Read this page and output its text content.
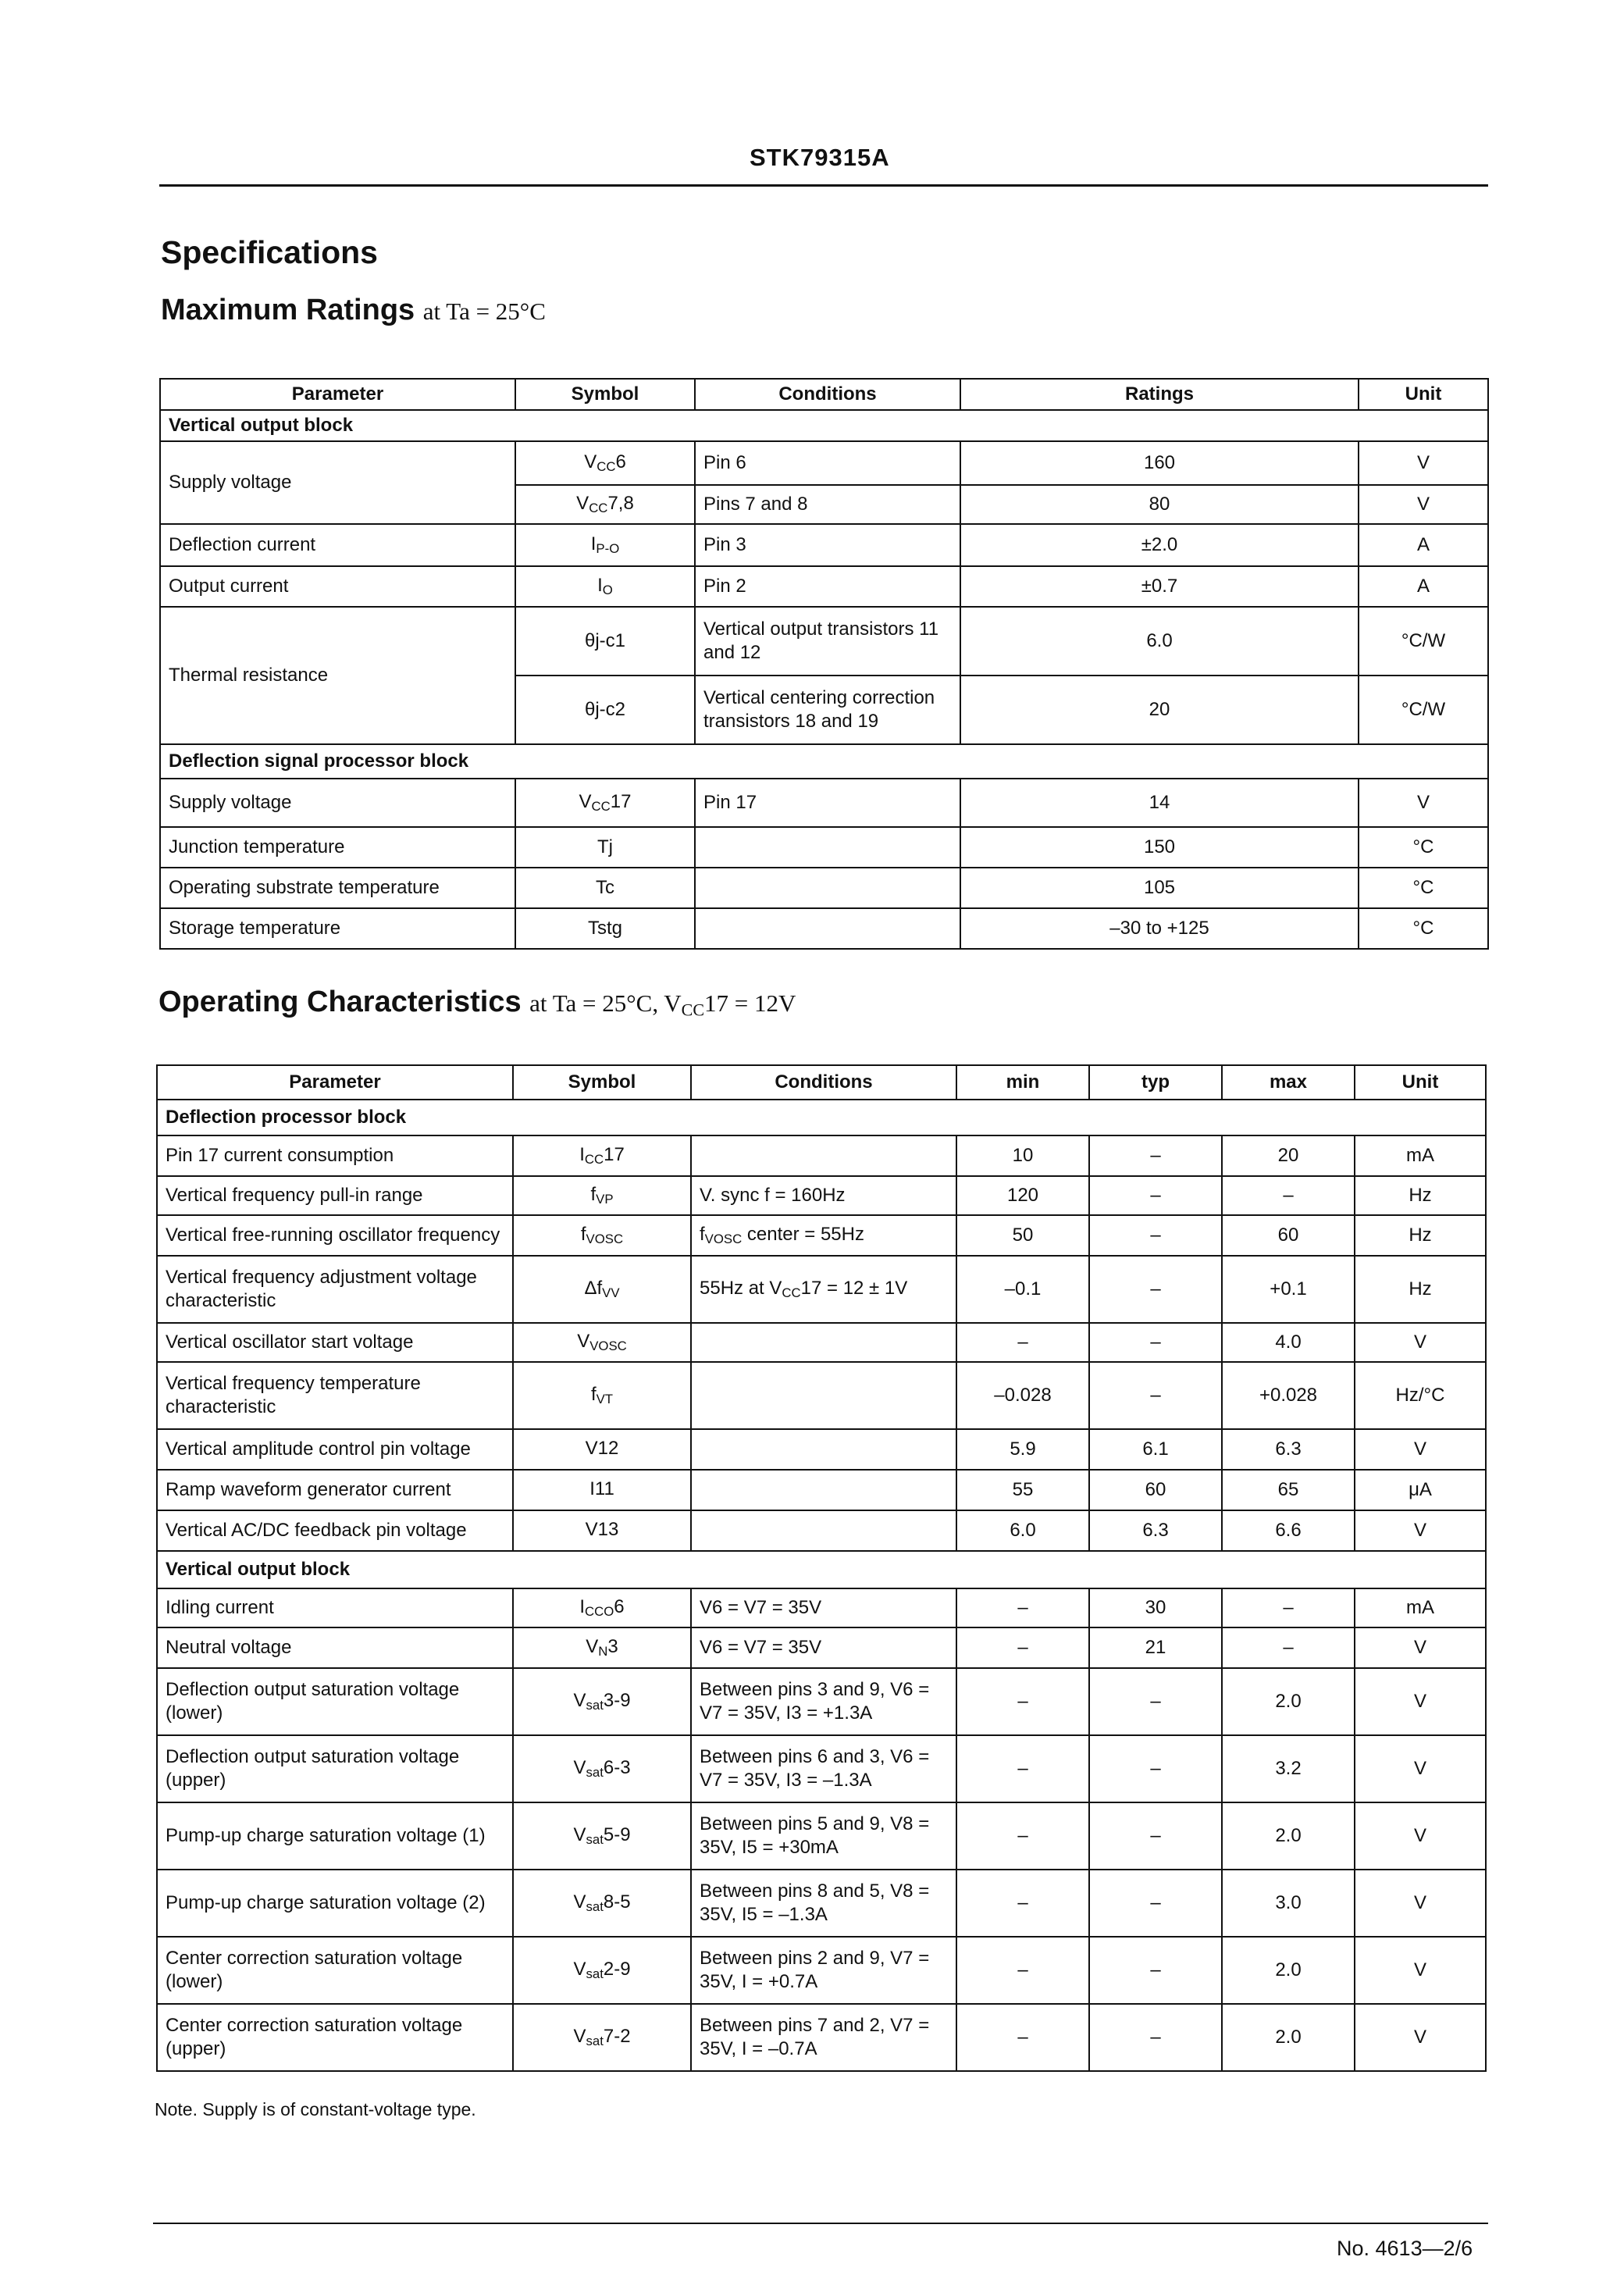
STK79315A
Specifications
Maximum Ratings at Ta = 25°C
Parameter	Symbol	Conditions	Ratings	Unit
Vertical output block				
Supply voltage	$V_{CC}6$	Pin 6	160	V
	$V_{CC}7,8$	Pins 7 and 8	80	V
Deflection current	$I_{P-O}$	Pin 3	±2.0	A
Output current	$I_O$	Pin 2	±0.7	A
Thermal resistance	θj-c1	Vertical output transistors 11 and 12	6.0	°C/W
	θj-c2	Vertical centering correction transistors 18 and 19	20	°C/W
Deflection signal processor block				
Supply voltage	$V_{CC}17$	Pin 17	14	V
Junction temperature	Tj		150	°C
Operating substrate temperature	Tc		105	°C
Storage temperature	Tstg		–30 to +125	°C
Operating Characteristics at Ta = 25°C, $V_{CC}17 = 12V$
Parameter	Symbol	Conditions	min	typ	max	Unit
Deflection processor block						
Pin 17 current consumption	$I_{CC}17$		10	–	20	mA
Vertical frequency pull-in range	$f_{VP}$	V. sync f = 160Hz	120	–	–	Hz
Vertical free-running oscillator frequency	$f_{VOSC}$	$f_{VOSC}$ center = 55Hz	50	–	60	Hz
Vertical frequency adjustment voltage characteristic	$\Delta f_{VV}$	55Hz at $V_{CC}17 = 12 \pm 1V$	–0.1	–	+0.1	Hz
Vertical oscillator start voltage	$V_{VOSC}$		–	–	4.0	V
Vertical frequency temperature characteristic	$f_{VT}$		–0.028	–	+0.028	Hz/°C
Vertical amplitude control pin voltage	V12		5.9	6.1	6.3	V
Ramp waveform generator current	I11		55	60	65	μA
Vertical AC/DC feedback pin voltage	V13		6.0	6.3	6.6	V
Vertical output block						
Idling current	$I_{CCO}6$	V6 = V7 = 35V	–	30	–	mA
Neutral voltage	$V_N3$	V6 = V7 = 35V	–	21	–	V
Deflection output saturation voltage (lower)	$V_{sat}3-9$	Between pins 3 and 9, V6 = V7 = 35V, I3 = +1.3A	–	–	2.0	V
Deflection output saturation voltage (upper)	$V_{sat}6-3$	Between pins 6 and 3, V6 = V7 = 35V, I3 = –1.3A	–	–	3.2	V
Pump-up charge saturation voltage (1)	$V_{sat}5-9$	Between pins 5 and 9, V8 = 35V, I5 = +30mA	–	–	2.0	V
Pump-up charge saturation voltage (2)	$V_{sat}8-5$	Between pins 8 and 5, V8 = 35V, I5 = –1.3A	–	–	3.0	V
Center correction saturation voltage (lower)	$V_{sat}2-9$	Between pins 2 and 9, V7 = 35V, I = +0.7A	–	–	2.0	V
Center correction saturation voltage (upper)	$V_{sat}7-2$	Between pins 7 and 2, V7 = 35V, I = –0.7A	–	–	2.0	V
Note. Supply is of constant-voltage type.
No. 4613—2/6
